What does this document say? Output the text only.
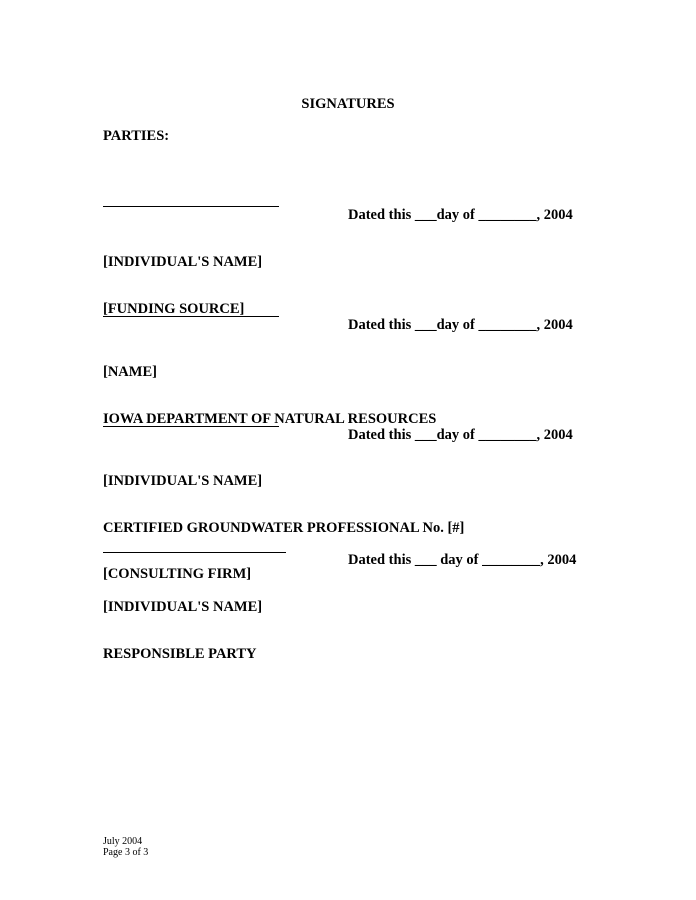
SIGNATURES
PARTIES:
Dated this ___day of ________, 2004

[INDIVIDUAL'S NAME]

[FUNDING SOURCE]

Dated this ___day of ________, 2004

[NAME]

IOWA DEPARTMENT OF NATURAL RESOURCES

Dated this ___day of ________, 2004

[INDIVIDUAL'S NAME]

CERTIFIED GROUNDWATER PROFESSIONAL No. [#]

[CONSULTING FIRM]

Dated this ___ day of ________, 2004

[INDIVIDUAL'S NAME]

RESPONSIBLE PARTY

July 2004
Page 3 of 3
